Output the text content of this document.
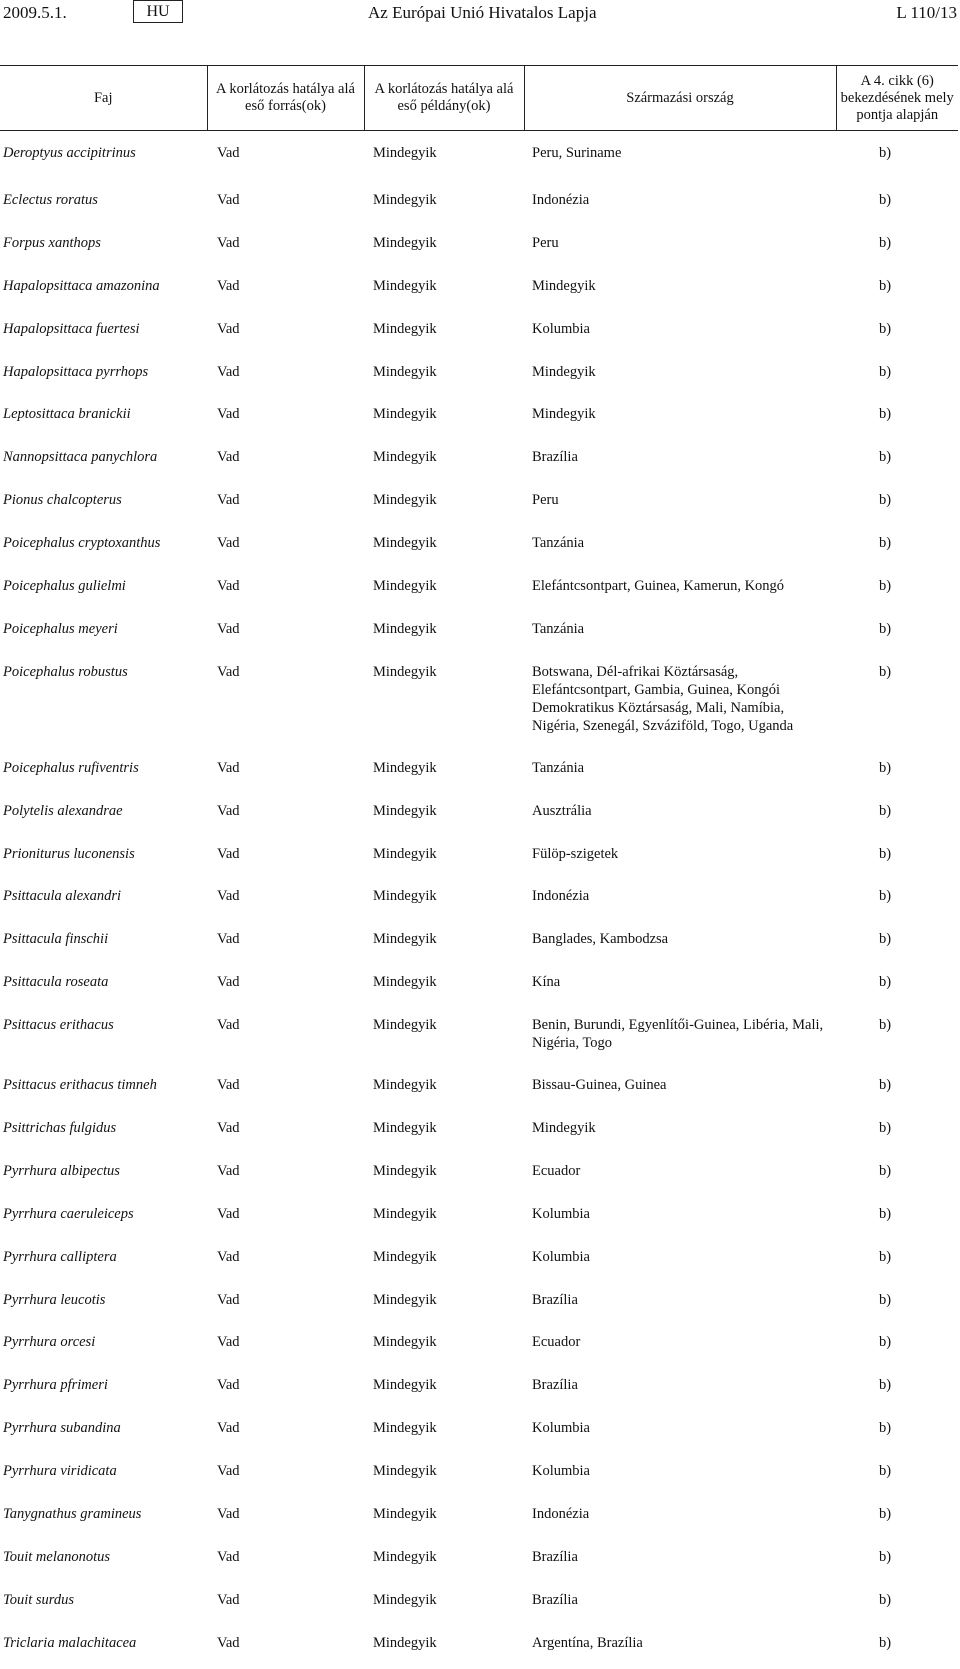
2009.5.1.	HU	Az Európai Unió Hivatalos Lapja	L 110/13
Faj	A korlátozás hatálya alá eső forrás(ok)	A korlátozás hatálya alá eső példány(ok)	Származási ország	A 4. cikk (6) bekezdésének mely pontja alapján
Deroptyus accipitrinus	Vad	Mindegyik	Peru, Suriname	b)
Eclectus roratus	Vad	Mindegyik	Indonézia	b)
Forpus xanthops	Vad	Mindegyik	Peru	b)
Hapalopsittaca amazonina	Vad	Mindegyik	Mindegyik	b)
Hapalopsittaca fuertesi	Vad	Mindegyik	Kolumbia	b)
Hapalopsittaca pyrrhops	Vad	Mindegyik	Mindegyik	b)
Leptosittaca branickii	Vad	Mindegyik	Mindegyik	b)
Nannopsittaca panychlora	Vad	Mindegyik	Brazília	b)
Pionus chalcopterus	Vad	Mindegyik	Peru	b)
Poicephalus cryptoxanthus	Vad	Mindegyik	Tanzánia	b)
Poicephalus gulielmi	Vad	Mindegyik	Elefántcsontpart, Guinea, Kamerun, Kongó	b)
Poicephalus meyeri	Vad	Mindegyik	Tanzánia	b)
Poicephalus robustus	Vad	Mindegyik	Botswana, Dél-afrikai Köztársaság, Elefántcsontpart, Gambia, Guinea, Kongói Demokratikus Köztársaság, Mali, Namíbia, Nigéria, Szenegál, Szváziföld, Togo, Uganda	b)
Poicephalus rufiventris	Vad	Mindegyik	Tanzánia	b)
Polytelis alexandrae	Vad	Mindegyik	Ausztrália	b)
Prioniturus luconensis	Vad	Mindegyik	Fülöp-szigetek	b)
Psittacula alexandri	Vad	Mindegyik	Indonézia	b)
Psittacula finschii	Vad	Mindegyik	Banglades, Kambodzsa	b)
Psittacula roseata	Vad	Mindegyik	Kína	b)
Psittacus erithacus	Vad	Mindegyik	Benin, Burundi, Egyenlítői-Guinea, Libéria, Mali, Nigéria, Togo	b)
Psittacus erithacus timneh	Vad	Mindegyik	Bissau-Guinea, Guinea	b)
Psittrichas fulgidus	Vad	Mindegyik	Mindegyik	b)
Pyrrhura albipectus	Vad	Mindegyik	Ecuador	b)
Pyrrhura caeruleiceps	Vad	Mindegyik	Kolumbia	b)
Pyrrhura calliptera	Vad	Mindegyik	Kolumbia	b)
Pyrrhura leucotis	Vad	Mindegyik	Brazília	b)
Pyrrhura orcesi	Vad	Mindegyik	Ecuador	b)
Pyrrhura pfrimeri	Vad	Mindegyik	Brazília	b)
Pyrrhura subandina	Vad	Mindegyik	Kolumbia	b)
Pyrrhura viridicata	Vad	Mindegyik	Kolumbia	b)
Tanygnathus gramineus	Vad	Mindegyik	Indonézia	b)
Touit melanonotus	Vad	Mindegyik	Brazília	b)
Touit surdus	Vad	Mindegyik	Brazília	b)
Triclaria malachitacea	Vad	Mindegyik	Argentína, Brazília	b)
